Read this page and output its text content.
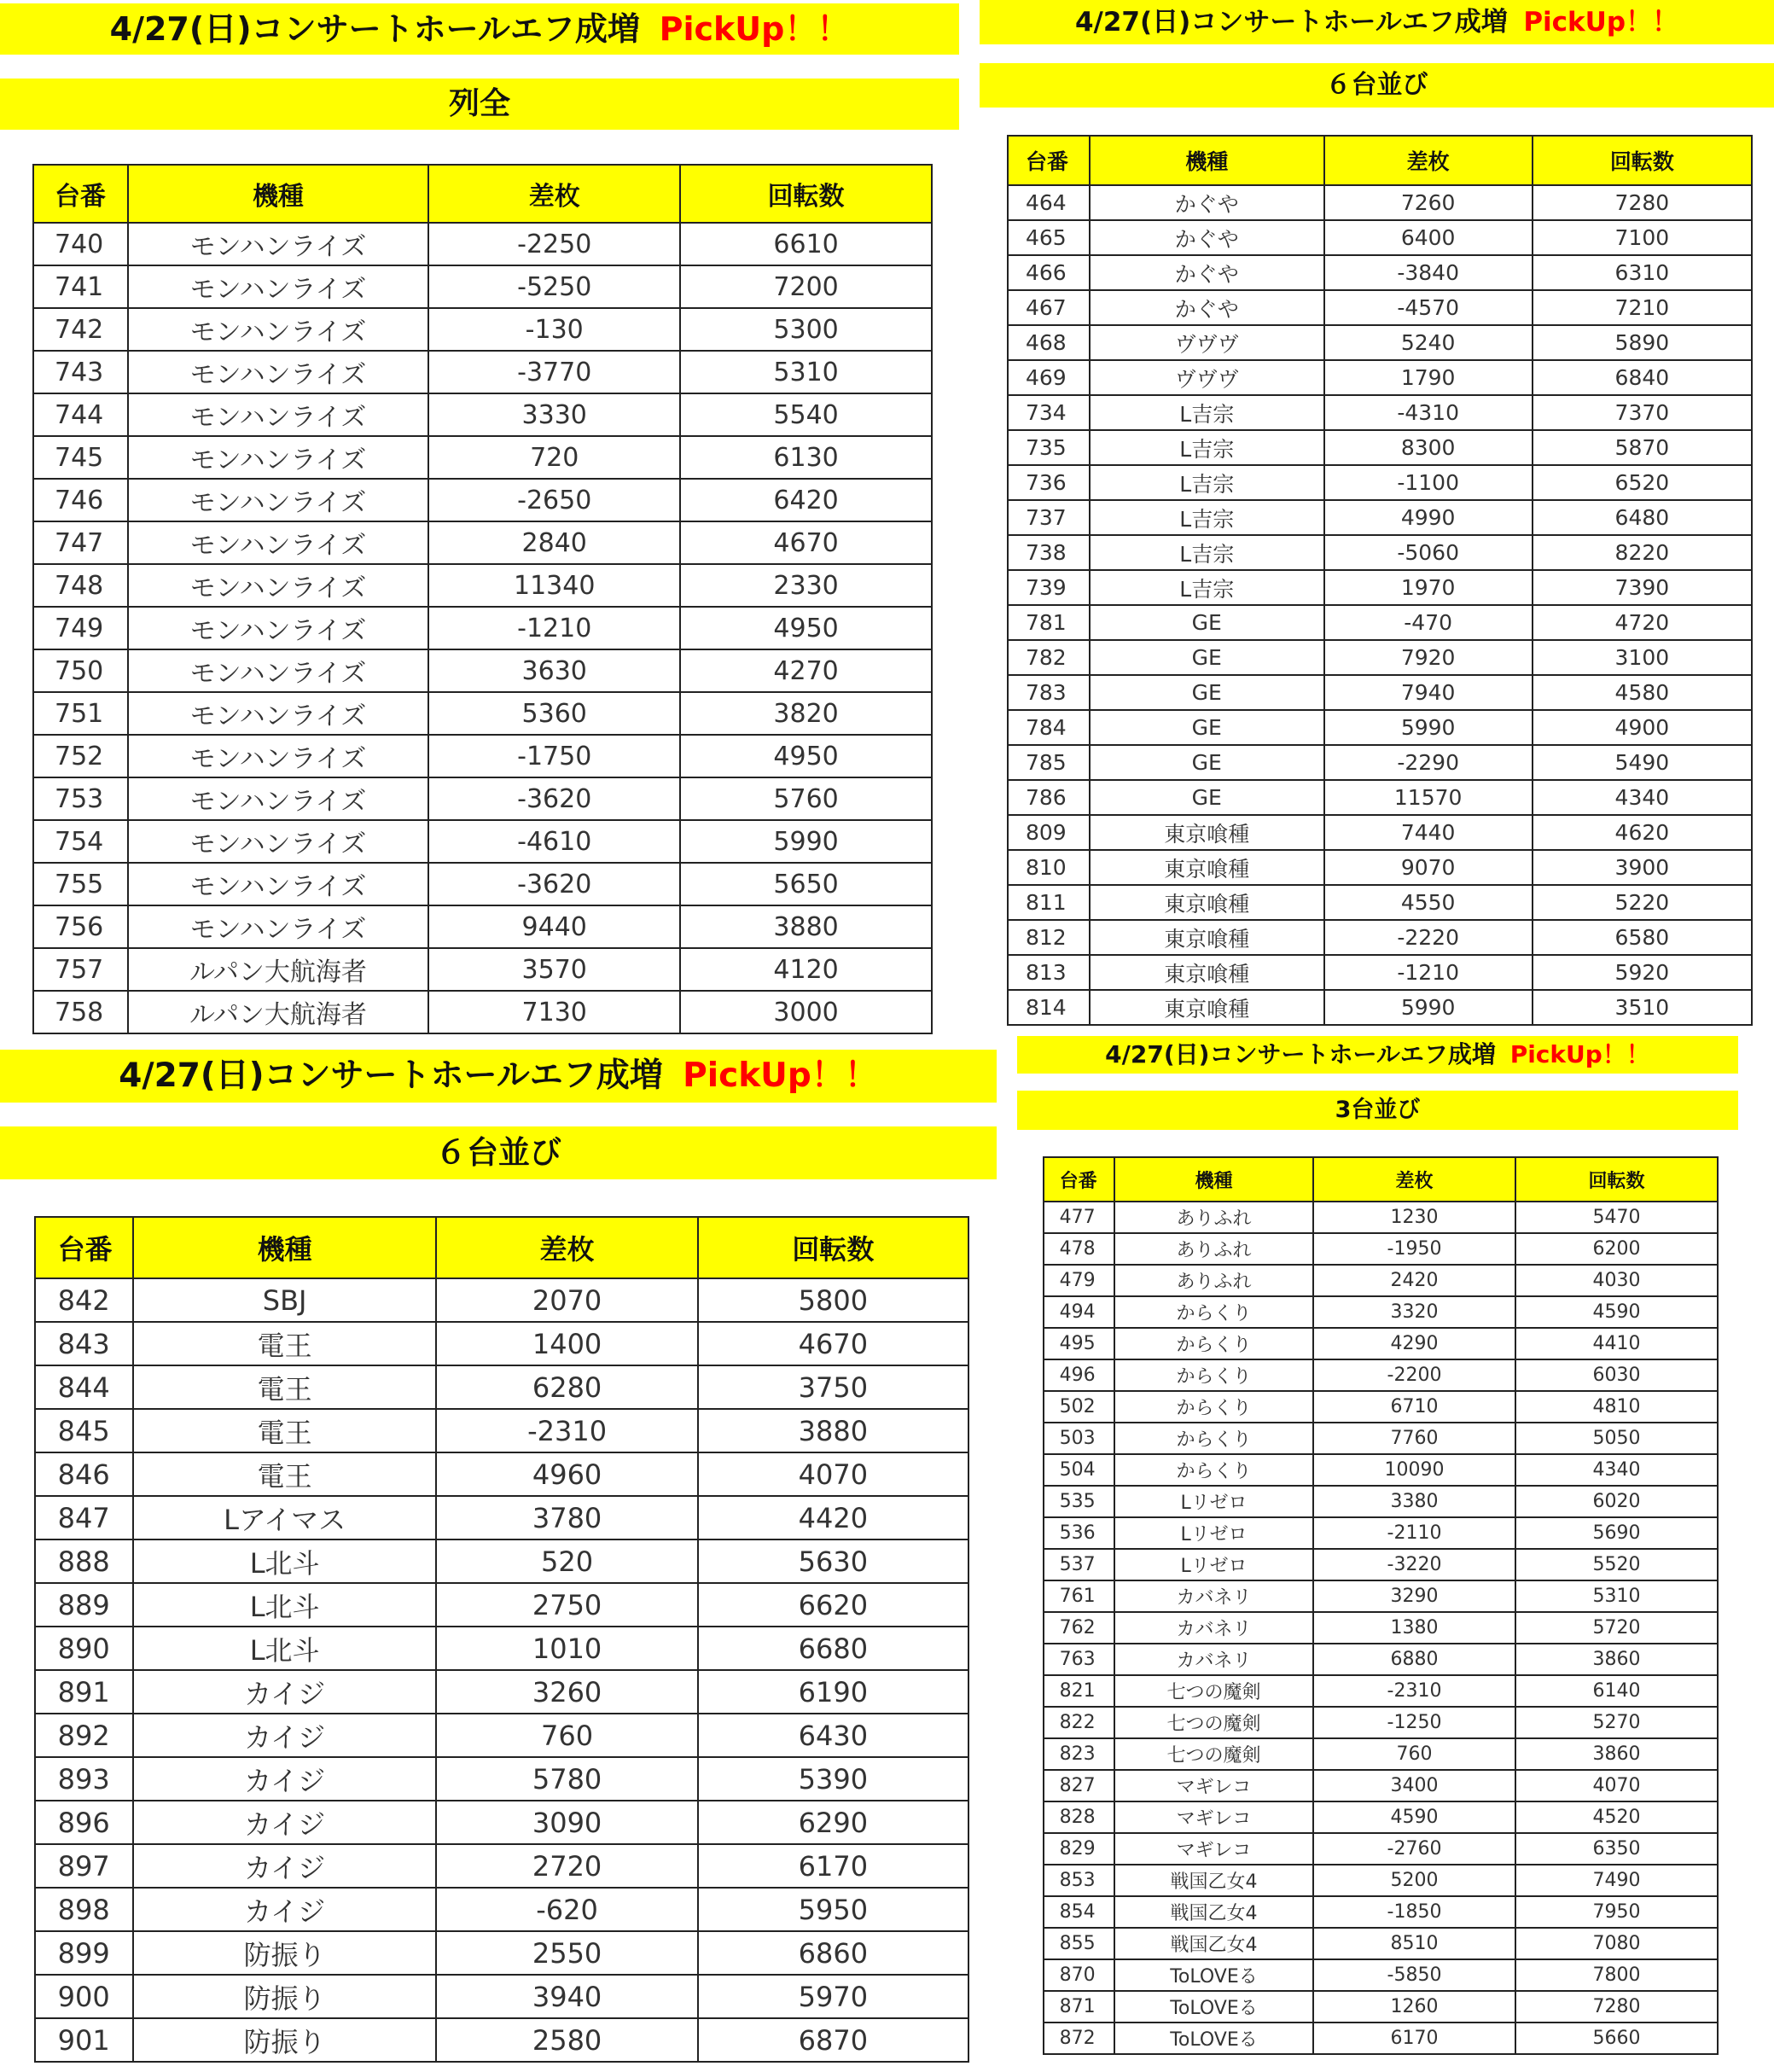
4/27(日)コンサートホールエフ成増 PickUp！！
列全
台番	機種	差枚	回転数
740	モンハンライズ	-2250	6610
741	モンハンライズ	-5250	7200
742	モンハンライズ	-130	5300
743	モンハンライズ	-3770	5310
744	モンハンライズ	3330	5540
745	モンハンライズ	720	6130
746	モンハンライズ	-2650	6420
747	モンハンライズ	2840	4670
748	モンハンライズ	11340	2330
749	モンハンライズ	-1210	4950
750	モンハンライズ	3630	4270
751	モンハンライズ	5360	3820
752	モンハンライズ	-1750	4950
753	モンハンライズ	-3620	5760
754	モンハンライズ	-4610	5990
755	モンハンライズ	-3620	5650
756	モンハンライズ	9440	3880
757	ルパン大航海者	3570	4120
758	ルパン大航海者	7130	3000
4/27(日)コンサートホールエフ成増 PickUp！！
６台並び
台番	機種	差枚	回転数
464	かぐや	7260	7280
465	かぐや	6400	7100
466	かぐや	-3840	6310
467	かぐや	-4570	7210
468	ヴヴヴ	5240	5890
469	ヴヴヴ	1790	6840
734	L吉宗	-4310	7370
735	L吉宗	8300	5870
736	L吉宗	-1100	6520
737	L吉宗	4990	6480
738	L吉宗	-5060	8220
739	L吉宗	1970	7390
781	GE	-470	4720
782	GE	7920	3100
783	GE	7940	4580
784	GE	5990	4900
785	GE	-2290	5490
786	GE	11570	4340
809	東京喰種	7440	4620
810	東京喰種	9070	3900
811	東京喰種	4550	5220
812	東京喰種	-2220	6580
813	東京喰種	-1210	5920
814	東京喰種	5990	3510
4/27(日)コンサートホールエフ成増 PickUp！！
６台並び
台番	機種	差枚	回転数
842	SBJ	2070	5800
843	電王	1400	4670
844	電王	6280	3750
845	電王	-2310	3880
846	電王	4960	4070
847	Lアイマス	3780	4420
888	L北斗	520	5630
889	L北斗	2750	6620
890	L北斗	1010	6680
891	カイジ	3260	6190
892	カイジ	760	6430
893	カイジ	5780	5390
896	カイジ	3090	6290
897	カイジ	2720	6170
898	カイジ	-620	5950
899	防振り	2550	6860
900	防振り	3940	5970
901	防振り	2580	6870
4/27(日)コンサートホールエフ成増 PickUp！！
3台並び
台番	機種	差枚	回転数
477	ありふれ	1230	5470
478	ありふれ	-1950	6200
479	ありふれ	2420	4030
494	からくり	3320	4590
495	からくり	4290	4410
496	からくり	-2200	6030
502	からくり	6710	4810
503	からくり	7760	5050
504	からくり	10090	4340
535	Lリゼロ	3380	6020
536	Lリゼロ	-2110	5690
537	Lリゼロ	-3220	5520
761	カバネリ	3290	5310
762	カバネリ	1380	5720
763	カバネリ	6880	3860
821	七つの魔剣	-2310	6140
822	七つの魔剣	-1250	5270
823	七つの魔剣	760	3860
827	マギレコ	3400	4070
828	マギレコ	4590	4520
829	マギレコ	-2760	6350
853	戦国乙女4	5200	7490
854	戦国乙女4	-1850	7950
855	戦国乙女4	8510	7080
870	ToLOVEる	-5850	7800
871	ToLOVEる	1260	7280
872	ToLOVEる	6170	5660
